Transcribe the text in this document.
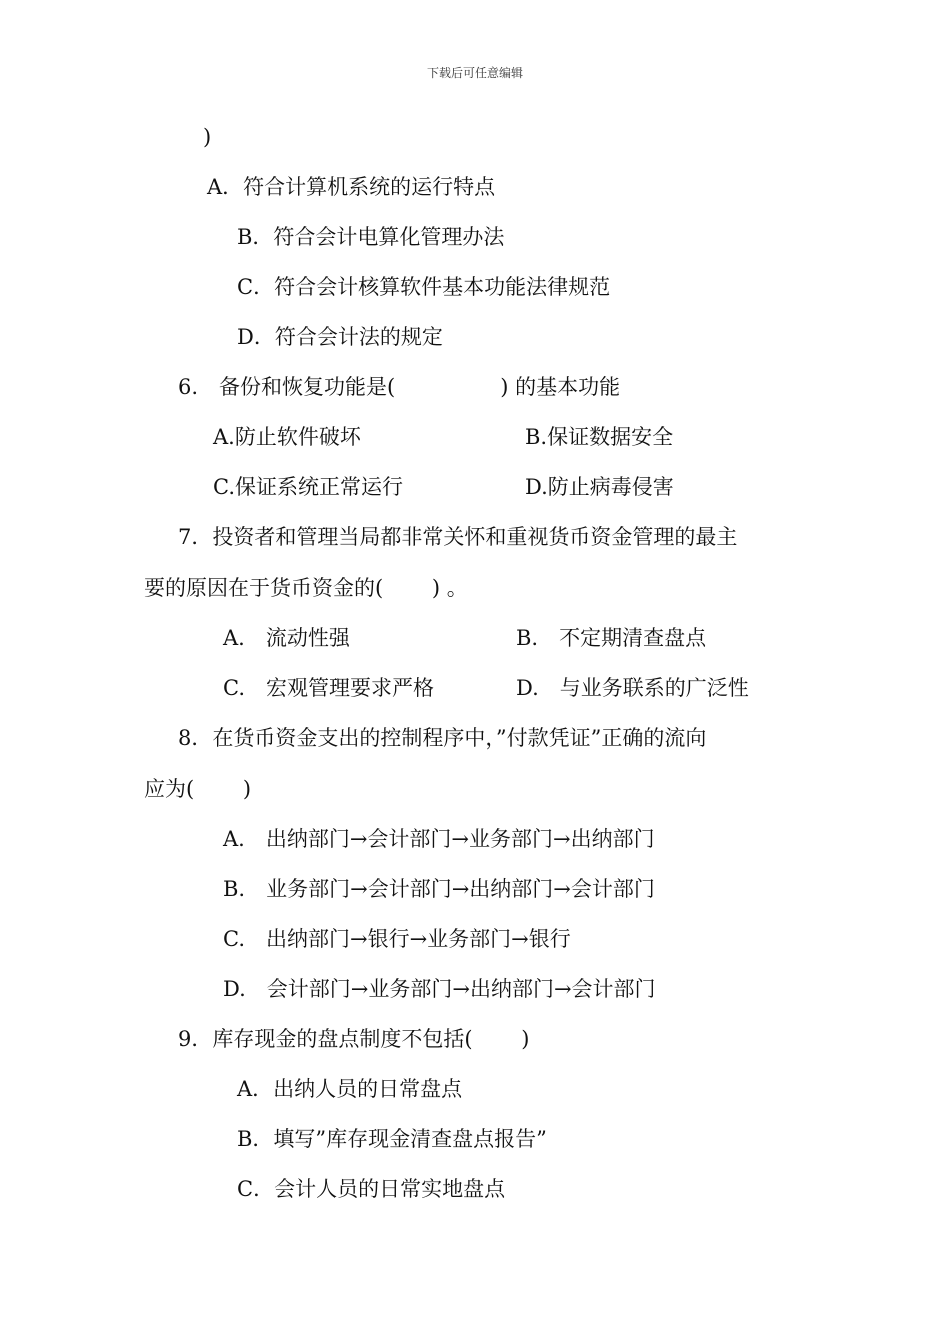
下载后可任意编辑
)
A．符合计算机系统的运行特点
B．符合会计电算化管理办法
C．符合会计核算软件基本功能法律规范
D．符合会计法的规定
6.　备份和恢复功能是(　　　　　) 的基本功能
A.防止软件破坏	B.保证数据安全
C.保证系统正常运行	D.防止病毒侵害
7．投资者和管理当局都非常关怀和重视货币资金管理的最主
要的原因在于货币资金的(　　 ) 。
A.　流动性强	B.　不定期清查盘点
C.　宏观管理要求严格	D.　与业务联系的广泛性
8．在货币资金支出的控制程序中，”付款凭证”正确的流向
应为(　　 )
A.　出纳部门→会计部门→业务部门→出纳部门
B.　业务部门→会计部门→出纳部门→会计部门
C.　出纳部门→银行→业务部门→银行
D.　会计部门→业务部门→出纳部门→会计部门
9．库存现金的盘点制度不包括(　　 )
A．出纳人员的日常盘点
B．填写”库存现金清查盘点报告”
C．会计人员的日常实地盘点
